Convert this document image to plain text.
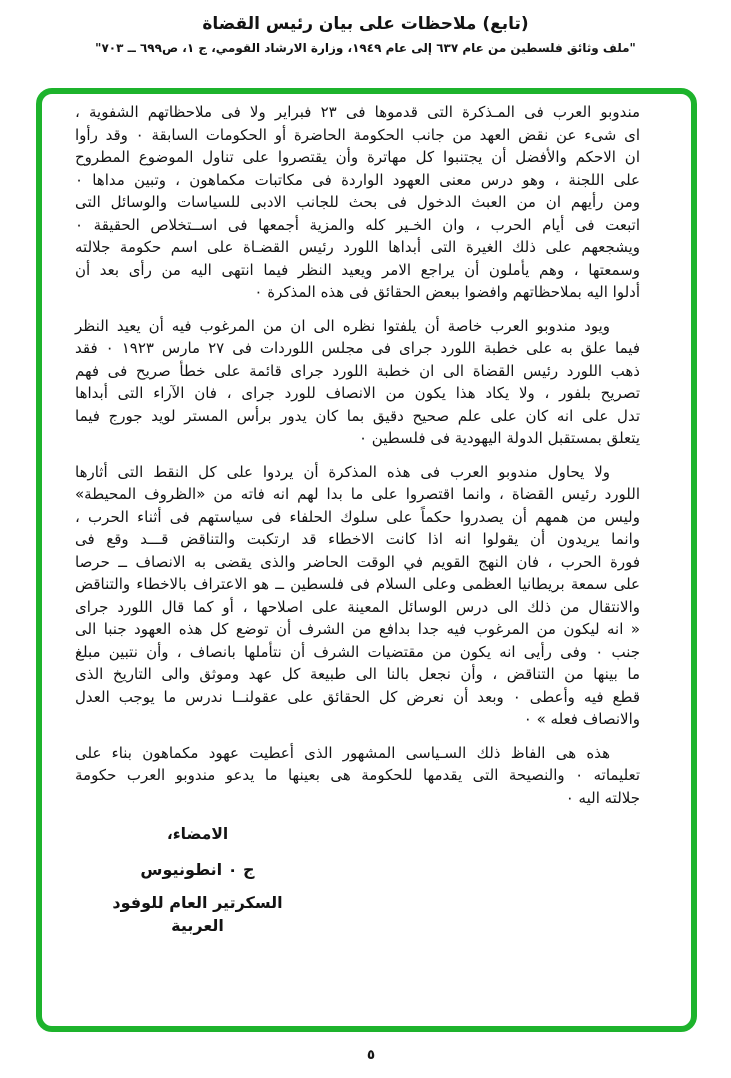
(تابع) ملاحظات على بيان رئيس القضاة
"ملف وثائق فلسطين من عام ٦٣٧ إلى عام ١٩٤٩، وزارة الارشاد القومي، ج ١، ص٦٩٩ ــ ٧٠٣"
مندوبو العرب فى المـذكرة التى قدموها فى ٢٣ فبراير ولا فى ملاحظاتهم الشفوية ،
اى شىء عن نقض العهد من جانب الحكومة الحاضرة أو الحكومات السابقة ٠ وقد رأوا
ان الاحكم والأفضل أن يجتنبوا كل مهاترة وأن يقتصروا على تناول الموضوع المطروح
على اللجنة ، وهو درس معنى العهود الواردة فى مكاتبات مكماهون ، وتبين مداها ٠
ومن رأيهم ان من العبث الدخول فى بحث للجانب الادبى للسياسات والوسائل التى
اتبعت فى أيام الحرب ، وان الخـير كله والمزية أجمعها فى اســتخلاص الحقيقة ٠
ويشجعهم على ذلك الغيرة التى أبداها اللورد رئيس القضـاة على اسم حكومة جلالته
وسمعتها ، وهم يأملون أن يراجع الامر ويعيد النظر فيما انتهى اليه من رأى بعد أن
أدلوا اليه بملاحظاتهم وافضوا ببعض الحقائق فى هذه المذكرة ٠
ويود مندوبو العرب خاصة أن يلفتوا نظره الى ان من المرغوب فيه أن يعيد النظر
فيما علق به على خطبة اللورد جراى فى مجلس اللوردات فى ٢٧ مارس ١٩٢٣ ٠ فقد
ذهب اللورد رئيس القضاة الى ان خطبة اللورد جراى قائمة على خطأ صريح فى فهم
تصريح بلفور ، ولا يكاد هذا يكون من الانصاف للورد جراى ، فان الآراء التى أبداها
تدل على انه كان على علم صحيح دقيق بما كان يدور برأس المستر لويد جورج فيما
يتعلق بمستقبل الدولة اليهودية فى فلسطين ٠
ولا يحاول مندوبو العرب فى هذه المذكرة أن يردوا على كل النقط التى أثارها
اللورد رئيس القضاة ، وانما اقتصروا على ما بدا لهم انه فاته من «الظروف المحيطة»
وليس من همهم أن يصدروا حكماً على سلوك الحلفاء فى سياستهم فى أثناء الحرب ،
وانما يريدون أن يقولوا انه اذا كانت الاخطاء قد ارتكبت والتناقض قـــد وقع فى
فورة الحرب ، فان النهج القويم في الوقت الحاضر والذى يقضى به الانصاف ــ حرصا
على سمعة بريطانيا العظمى وعلى السلام فى فلسطين ــ هو الاعتراف بالاخطاء والتناقض
والانتقال من ذلك الى درس الوسائل المعينة على اصلاحها ، أو كما قال اللورد جراى
« انه ليكون من المرغوب فيه جدا بدافع من الشرف أن توضع كل هذه العهود جنبا الى
جنب ٠ وفى رأيى انه يكون من مقتضيات الشرف أن نتأملها بانصاف ، وأن نتبين مبلغ
ما بينها من التناقض ، وأن نجعل بالنا الى طبيعة كل عهد وموثق والى التاريخ الذى
قطع فيه وأعطى ٠ وبعد أن نعرض كل الحقائق على عقولنــا ندرس ما يوجب العدل
والانصاف فعله » ٠
هذه هى الفاظ ذلك السـياسى المشهور الذى أعطيت عهود مكماهون بناء على
تعليماته ٠ والنصيحة التى يقدمها للحكومة هى بعينها ما يدعو مندوبو العرب حكومة
جلالته اليه ٠
الامضاء،
ج ٠ انطونيوس
السكرتير العام للوفود العربية
٥
